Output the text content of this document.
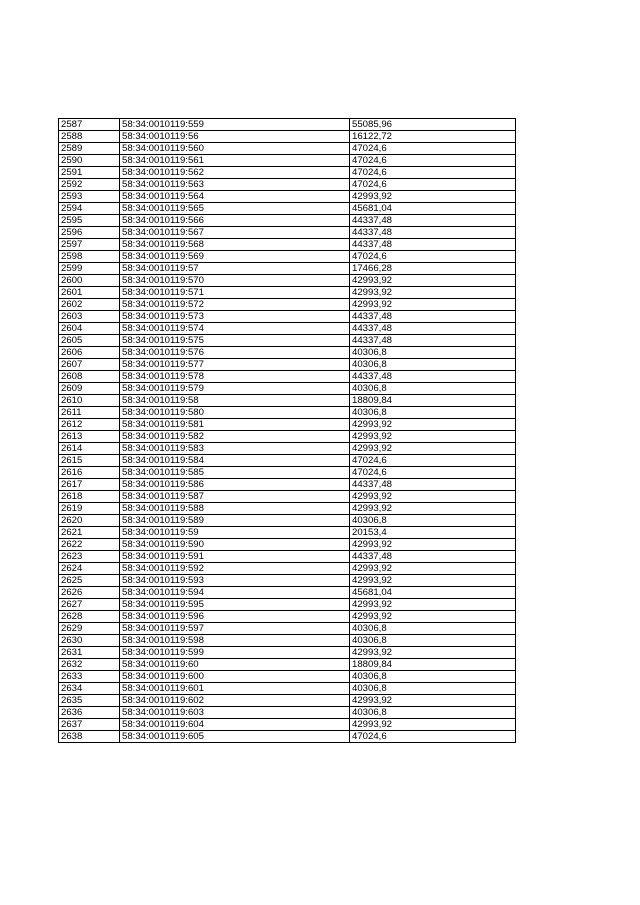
2587	58:34:0010119:559	55085,96
2588	58:34:0010119:56	16122,72
2589	58:34:0010119:560	47024,6
2590	58:34:0010119:561	47024,6
2591	58:34:0010119:562	47024,6
2592	58:34:0010119:563	47024,6
2593	58:34:0010119:564	42993,92
2594	58:34:0010119:565	45681,04
2595	58:34:0010119:566	44337,48
2596	58:34:0010119:567	44337,48
2597	58:34:0010119:568	44337,48
2598	58:34:0010119:569	47024,6
2599	58:34:0010119:57	17466,28
2600	58:34:0010119:570	42993,92
2601	58:34:0010119:571	42993,92
2602	58:34:0010119:572	42993,92
2603	58:34:0010119:573	44337,48
2604	58:34:0010119:574	44337,48
2605	58:34:0010119:575	44337,48
2606	58:34:0010119:576	40306,8
2607	58:34:0010119:577	40306,8
2608	58:34:0010119:578	44337,48
2609	58:34:0010119:579	40306,8
2610	58:34:0010119:58	18809,84
2611	58:34:0010119:580	40306,8
2612	58:34:0010119:581	42993,92
2613	58:34:0010119:582	42993,92
2614	58:34:0010119:583	42993,92
2615	58:34:0010119:584	47024,6
2616	58:34:0010119:585	47024,6
2617	58:34:0010119:586	44337,48
2618	58:34:0010119:587	42993,92
2619	58:34:0010119:588	42993,92
2620	58:34:0010119:589	40306,8
2621	58:34:0010119:59	20153,4
2622	58:34:0010119:590	42993,92
2623	58:34:0010119:591	44337,48
2624	58:34:0010119:592	42993,92
2625	58:34:0010119:593	42993,92
2626	58:34:0010119:594	45681,04
2627	58:34:0010119:595	42993,92
2628	58:34:0010119:596	42993,92
2629	58:34:0010119:597	40306,8
2630	58:34:0010119:598	40306,8
2631	58:34:0010119:599	42993,92
2632	58:34:0010119:60	18809,84
2633	58:34:0010119:600	40306,8
2634	58:34:0010119:601	40306,8
2635	58:34:0010119:602	42993,92
2636	58:34:0010119:603	40306,8
2637	58:34:0010119:604	42993,92
2638	58:34:0010119:605	47024,6
